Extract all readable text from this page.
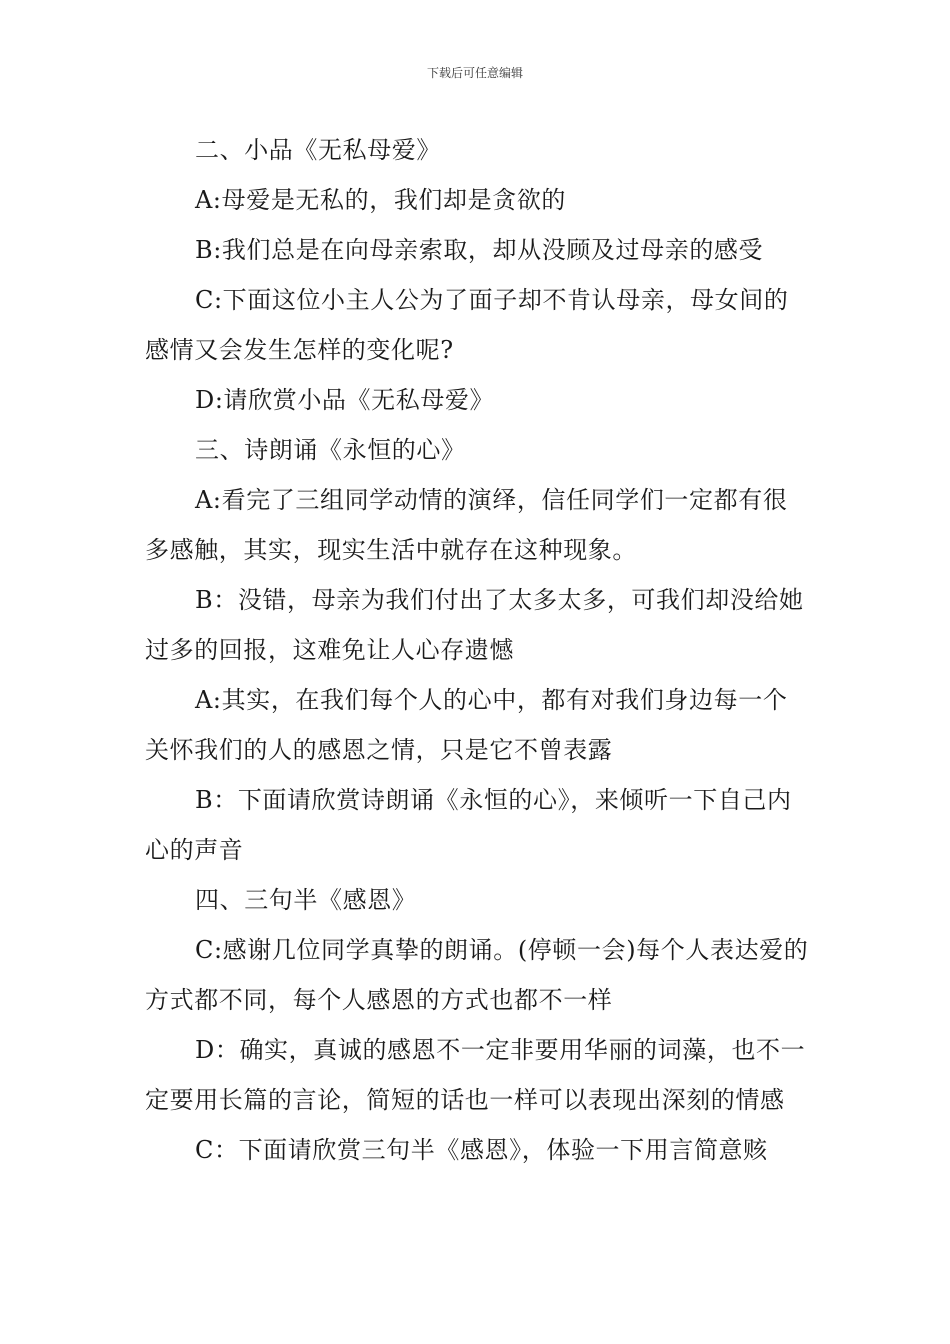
下载后可任意编辑

二、小品《无私母爱》

A:母爱是无私的，我们却是贪欲的

B:我们总是在向母亲索取，却从没顾及过母亲的感受

C:下面这位小主人公为了面子却不肯认母亲，母女间的感情又会发生怎样的变化呢?

D:请欣赏小品《无私母爱》

三、诗朗诵《永恒的心》

A:看完了三组同学动情的演绎，信任同学们一定都有很多感触，其实，现实生活中就存在这种现象。

B：没错，母亲为我们付出了太多太多，可我们却没给她过多的回报，这难免让人心存遗憾

A:其实，在我们每个人的心中，都有对我们身边每一个关怀我们的人的感恩之情，只是它不曾表露

B：下面请欣赏诗朗诵《永恒的心》，来倾听一下自己内心的声音

四、三句半《感恩》

C:感谢几位同学真挚的朗诵。(停顿一会)每个人表达爱的方式都不同，每个人感恩的方式也都不一样

D：确实，真诚的感恩不一定非要用华丽的词藻，也不一定要用长篇的言论，简短的话也一样可以表现出深刻的情感

C：下面请欣赏三句半《感恩》，体验一下用言简意赅
